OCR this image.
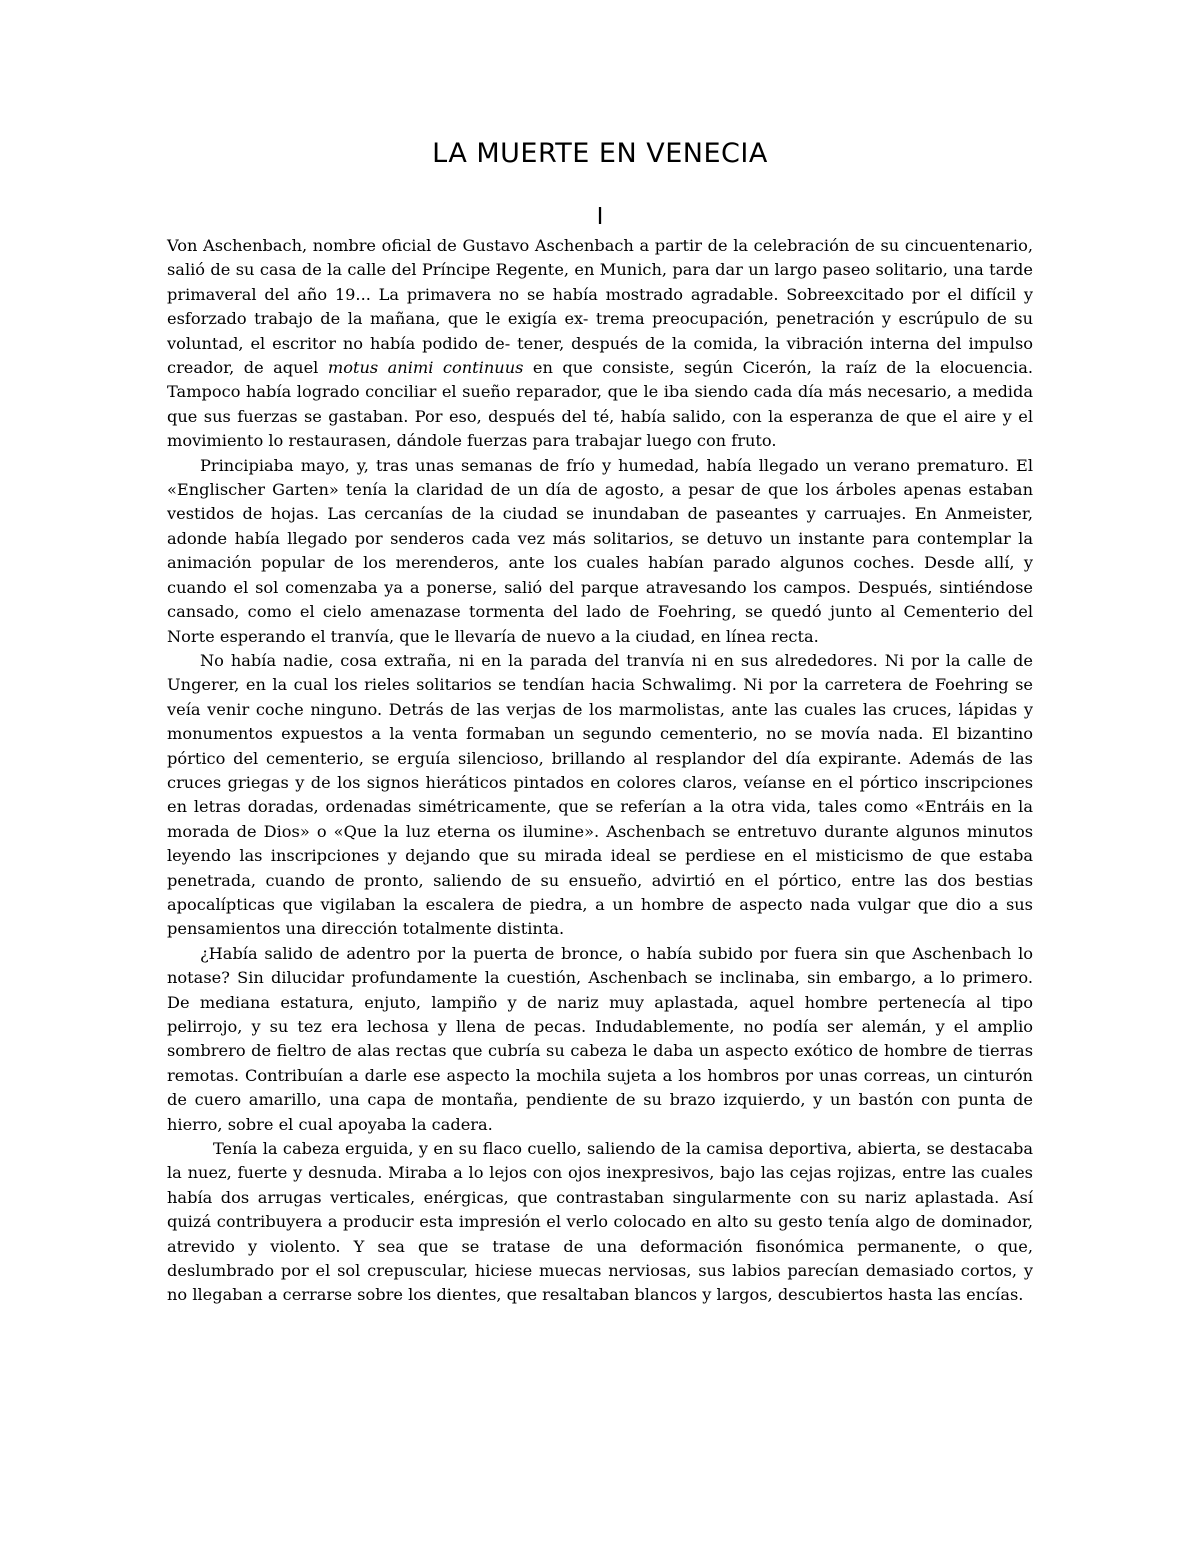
LA MUERTE EN VENECIA
I

Von Aschenbach, nombre oficial de Gustavo Aschenbach a partir de la celebración de su cincuentenario, salió de su casa de la calle del Príncipe Regente, en Munich, para dar un largo paseo solitario, una tarde primaveral del año 19... La primavera no se había mostrado agradable. Sobreexcitado por el difícil y esforzado trabajo de la mañana, que le exigía ex- trema preocupación, penetración y escrúpulo de su voluntad, el escritor no había podido de- tener, después de la comida, la vibración interna del impulso creador, de aquel motus animi continuus en que consiste, según Cicerón, la raíz de la elocuencia. Tampoco había logrado conciliar el sueño reparador, que le iba siendo cada día más necesario, a medida que sus fuerzas se gastaban. Por eso, después del té, había salido, con la esperanza de que el aire y el movimiento lo restaurasen, dándole fuerzas para trabajar luego con fruto.

Principiaba mayo, y, tras unas semanas de frío y humedad, había llegado un verano prematuro. El «Englischer Garten» tenía la claridad de un día de agosto, a pesar de que los árboles apenas estaban vestidos de hojas. Las cercanías de la ciudad se inundaban de paseantes y carruajes. En Anmeister, adonde había llegado por senderos cada vez más solitarios, se detuvo un instante para contemplar la animación popular de los merenderos, ante los cuales habían parado algunos coches. Desde allí, y cuando el sol comenzaba ya a ponerse, salió del parque atravesando los campos. Después, sintiéndose cansado, como el cielo amenazase tormenta del lado de Foehring, se quedó junto al Cementerio del Norte esperando el tranvía, que le llevaría de nuevo a la ciudad, en línea recta.

No había nadie, cosa extraña, ni en la parada del tranvía ni en sus alrededores. Ni por la calle de Ungerer, en la cual los rieles solitarios se tendían hacia Schwalimg. Ni por la carretera de Foehring se veía venir coche ninguno. Detrás de las verjas de los marmolistas, ante las cuales las cruces, lápidas y monumentos expuestos a la venta formaban un segundo cementerio, no se movía nada. El bizantino pórtico del cementerio, se erguía silencioso, brillando al resplandor del día expirante. Además de las cruces griegas y de los signos hieráticos pintados en colores claros, veíanse en el pórtico inscripciones en letras doradas, ordenadas simétricamente, que se referían a la otra vida, tales como «Entráis en la morada de Dios» o «Que la luz eterna os ilumine». Aschenbach se entretuvo durante algunos minutos leyendo las inscripciones y dejando que su mirada ideal se perdiese en el misticismo de que estaba penetrada, cuando de pronto, saliendo de su ensueño, advirtió en el pórtico, entre las dos bestias apocalípticas que vigilaban la escalera de piedra, a un hombre de aspecto nada vulgar que dio a sus pensamientos una dirección totalmente distinta.

¿Había salido de adentro por la puerta de bronce, o había subido por fuera sin que Aschenbach lo notase? Sin dilucidar profundamente la cuestión, Aschenbach se inclinaba, sin embargo, a lo primero. De mediana estatura, enjuto, lampiño y de nariz muy aplastada, aquel hombre pertenecía al tipo pelirrojo, y su tez era lechosa y llena de pecas. Indudablemente, no podía ser alemán, y el amplio sombrero de fieltro de alas rectas que cubría su cabeza le daba un aspecto exótico de hombre de tierras remotas. Contribuían a darle ese aspecto la mochila sujeta a los hombros por unas correas, un cinturón de cuero amarillo, una capa de montaña, pendiente de su brazo izquierdo, y un bastón con punta de hierro, sobre el cual apoyaba la cadera.

Tenía la cabeza erguida, y en su flaco cuello, saliendo de la camisa deportiva, abierta, se destacaba la nuez, fuerte y desnuda. Miraba a lo lejos con ojos inexpresivos, bajo las cejas rojizas, entre las cuales había dos arrugas verticales, enérgicas, que contrastaban singularmente con su nariz aplastada. Así quizá contribuyera a producir esta impresión el verlo colocado en alto su gesto tenía algo de dominador, atrevido y violento. Y sea que se tratase de una deformación fisonómica permanente, o que, deslumbrado por el sol crepuscular, hiciese muecas nerviosas, sus labios parecían demasiado cortos, y no llegaban a cerrarse sobre los dientes, que resaltaban blancos y largos, descubiertos hasta las encías.
